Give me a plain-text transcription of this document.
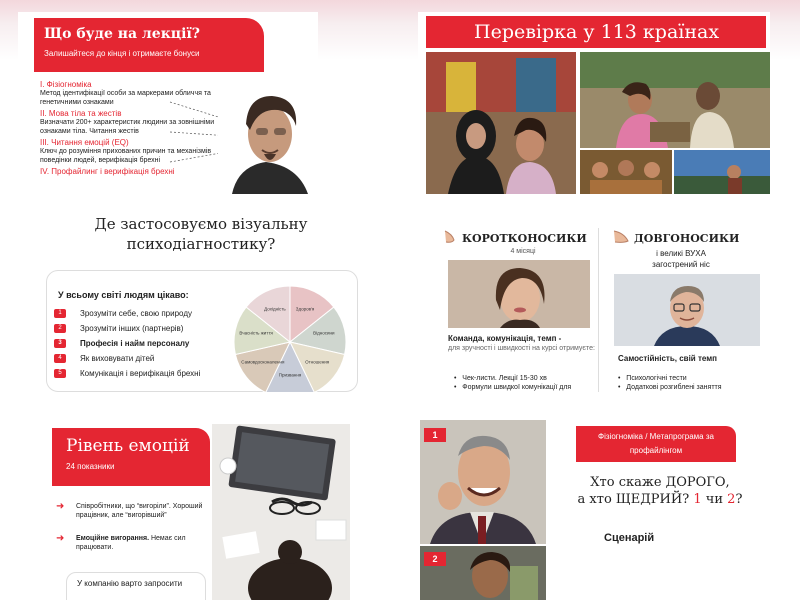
Що буде на лекції?

Залишайтеся до кінця і отримаєте бонуси

І. Фізіогноміка
Метод ідентифікації особи за маркерами обличчя та генетичними ознаками
ІІ. Мова тіла та жестів
Визначати 200+ характеристик людини за зовнішніми ознаками тіла. Читання жестів
ІІІ. Читання емоцій (EQ)
Ключ до розуміння прихованих причин та механізмів поведінки людей, верифікація брехні
IV. Профайлинг і верифікація брехні
Перевірка у 113 країнах
Де застосовуємо візуальну психодіагностику?
У всьому світі людям цікаво:
1	Зрозуміти себе, свою природу
2	Зрозуміти інших (партнерів)
3	Професія і найм персоналу
4	Як виховувати дітей
5	Комунікація і верифікація брехні
Здоров'я
Відносини
Отношения
Призвання
Самовдосконалення
Вчасність життя
Дохідність
КОРОТКОНОСИКИ
4 місяці
Команда, комунікація, темп -
для зручності і швидкості на курсі отримуєте:
•   Чек-листи. Лекції 15-30 хв
•   Формули швидкої комунікації для
ДОВГОНОСИКИ
і великі ВУХА загострений ніс
Самостійність, свій темп
•   Психологічні тести
•   Додаткові розгиблені заняття
Рівень емоцій

24 показники

➜	Співробітники, що “вигоріли”. Хороший працівник, але “вигорівший”
➜	Емоційне вигорання. Немає сил працювати.
У компанію варто запросити
1
2
Фізіогноміка / Метапрограма за профайлінгом
Хто скаже ДОРОГО,
а хто ЩЕДРИЙ? 1 чи 2?
Сценарій
